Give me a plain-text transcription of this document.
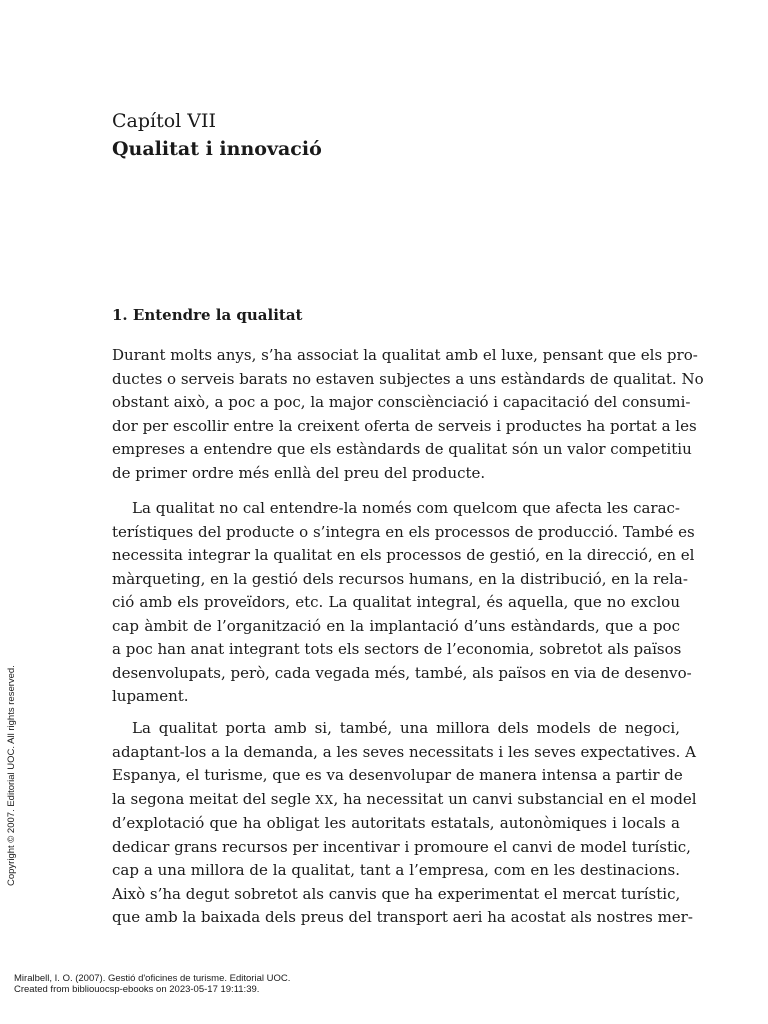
Capítol VII
Qualitat i innovació
1. Entendre la qualitat

Durant molts anys, s’ha associat la qualitat amb el luxe, pensant que els pro-
ductes o serveis barats no estaven subjectes a uns estàndards de qualitat. No
obstant això, a poc a poc, la major consciènciació i capacitació del consumi-
dor per escollir entre la creixent oferta de serveis i productes ha portat a les
empreses a entendre que els estàndards de qualitat són un valor competitiu
de primer ordre més enllà del preu del producte.

La qualitat no cal entendre-la només com quelcom que afecta les carac-
terístiques del producte o s’integra en els processos de producció. També es
necessita integrar la qualitat en els processos de gestió, en la direcció, en el
màrqueting, en la gestió dels recursos humans, en la distribució, en la rela-
ció amb els proveïdors, etc. La qualitat integral, és aquella, que no exclou
cap àmbit de l’organització en la implantació d’uns estàndards, que a poc
a poc han anat integrant tots els sectors de l’economia, sobretot als països
desenvolupats, però, cada vegada més, també, als països en via de desenvo-
lupament.

La qualitat porta amb si, també, una millora dels models de negoci,
adaptant-los a la demanda, a les seves necessitats i les seves expectatives. A
Espanya, el turisme, que es va desenvolupar de manera intensa a partir de
la segona meitat del segle XX, ha necessitat un canvi substancial en el model
d’explotació que ha obligat les autoritats estatals, autonòmiques i locals a
dedicar grans recursos per incentivar i promoure el canvi de model turístic,
cap a una millora de la qualitat, tant a l’empresa, com en les destinacions.
Això s’ha degut sobretot als canvis que ha experimentat el mercat turístic,
que amb la baixada dels preus del transport aeri ha acostat als nostres mer-

Copyright © 2007. Editorial UOC. All rights reserved.
Miralbell, I. O. (2007). Gestió d'oficines de turisme. Editorial UOC.
Created from bibliouocsp-ebooks on 2023-05-17 19:11:39.
